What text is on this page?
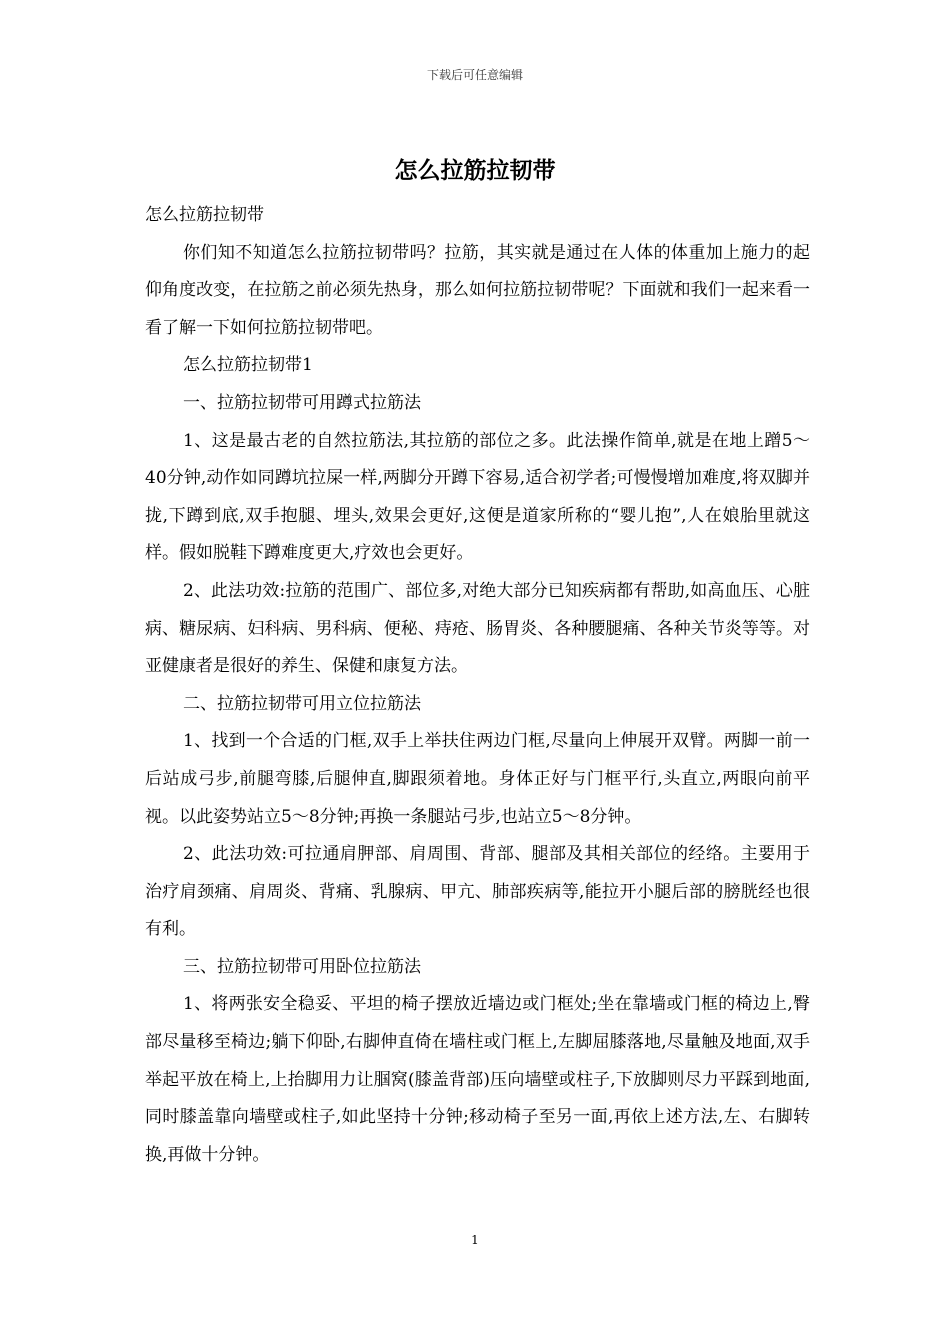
下载后可任意编辑
怎么拉筋拉韧带

怎么拉筋拉韧带

你们知不知道怎么拉筋拉韧带吗？拉筋，其实就是通过在人体的体重加上施力的起仰角度改变，在拉筋之前必须先热身，那么如何拉筋拉韧带呢？下面就和我们一起来看一看了解一下如何拉筋拉韧带吧。

怎么拉筋拉韧带1

一、拉筋拉韧带可用蹲式拉筋法

1、这是最古老的自然拉筋法,其拉筋的部位之多。此法操作简单,就是在地上蹭5～40分钟,动作如同蹲坑拉屎一样,两脚分开蹲下容易,适合初学者;可慢慢增加难度,将双脚并拢,下蹲到底,双手抱腿、埋头,效果会更好,这便是道家所称的“婴儿抱”,人在娘胎里就这样。假如脱鞋下蹲难度更大,疗效也会更好。

2、此法功效:拉筋的范围广、部位多,对绝大部分已知疾病都有帮助,如高血压、心脏病、糖尿病、妇科病、男科病、便秘、痔疮、肠胃炎、各种腰腿痛、各种关节炎等等。对亚健康者是很好的养生、保健和康复方法。

二、拉筋拉韧带可用立位拉筋法

1、找到一个合适的门框,双手上举扶住两边门框,尽量向上伸展开双臂。两脚一前一后站成弓步,前腿弯膝,后腿伸直,脚跟须着地。身体正好与门框平行,头直立,两眼向前平视。以此姿势站立5～8分钟;再换一条腿站弓步,也站立5～8分钟。

2、此法功效:可拉通肩胛部、肩周围、背部、腿部及其相关部位的经络。主要用于治疗肩颈痛、肩周炎、背痛、乳腺病、甲亢、肺部疾病等,能拉开小腿后部的膀胱经也很有利。

三、拉筋拉韧带可用卧位拉筋法

1、将两张安全稳妥、平坦的椅子摆放近墙边或门框处;坐在靠墙或门框的椅边上,臀部尽量移至椅边;躺下仰卧,右脚伸直倚在墙柱或门框上,左脚屈膝落地,尽量触及地面,双手举起平放在椅上,上抬脚用力让腘窝(膝盖背部)压向墙壁或柱子,下放脚则尽力平踩到地面,同时膝盖靠向墙壁或柱子,如此坚持十分钟;移动椅子至另一面,再依上述方法,左、右脚转换,再做十分钟。

1
